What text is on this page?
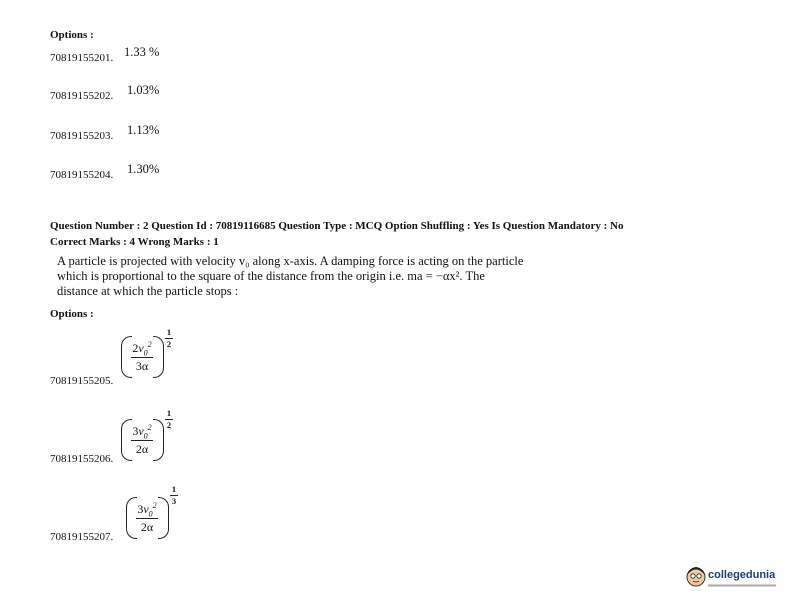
Options :
70819155201. 1.33 %
70819155202. 1.03%
70819155203. 1.13%
70819155204. 1.30%
Question Number : 2 Question Id : 70819116685 Question Type : MCQ Option Shuffling : Yes Is Question Mandatory : No
Correct Marks : 4 Wrong Marks : 1
A particle is projected with velocity v₀ along x-axis. A damping force is acting on the particle
which is proportional to the square of the distance from the origin i.e. ma = −αx². The
distance at which the particle stops :
Options :
$2v_0^2$
3α
1
2
70819155205.
$3v_0^2$
2α
1
2
70819155206.
$3v_0^2$
2α
1
3
70819155207.
collegedunia
